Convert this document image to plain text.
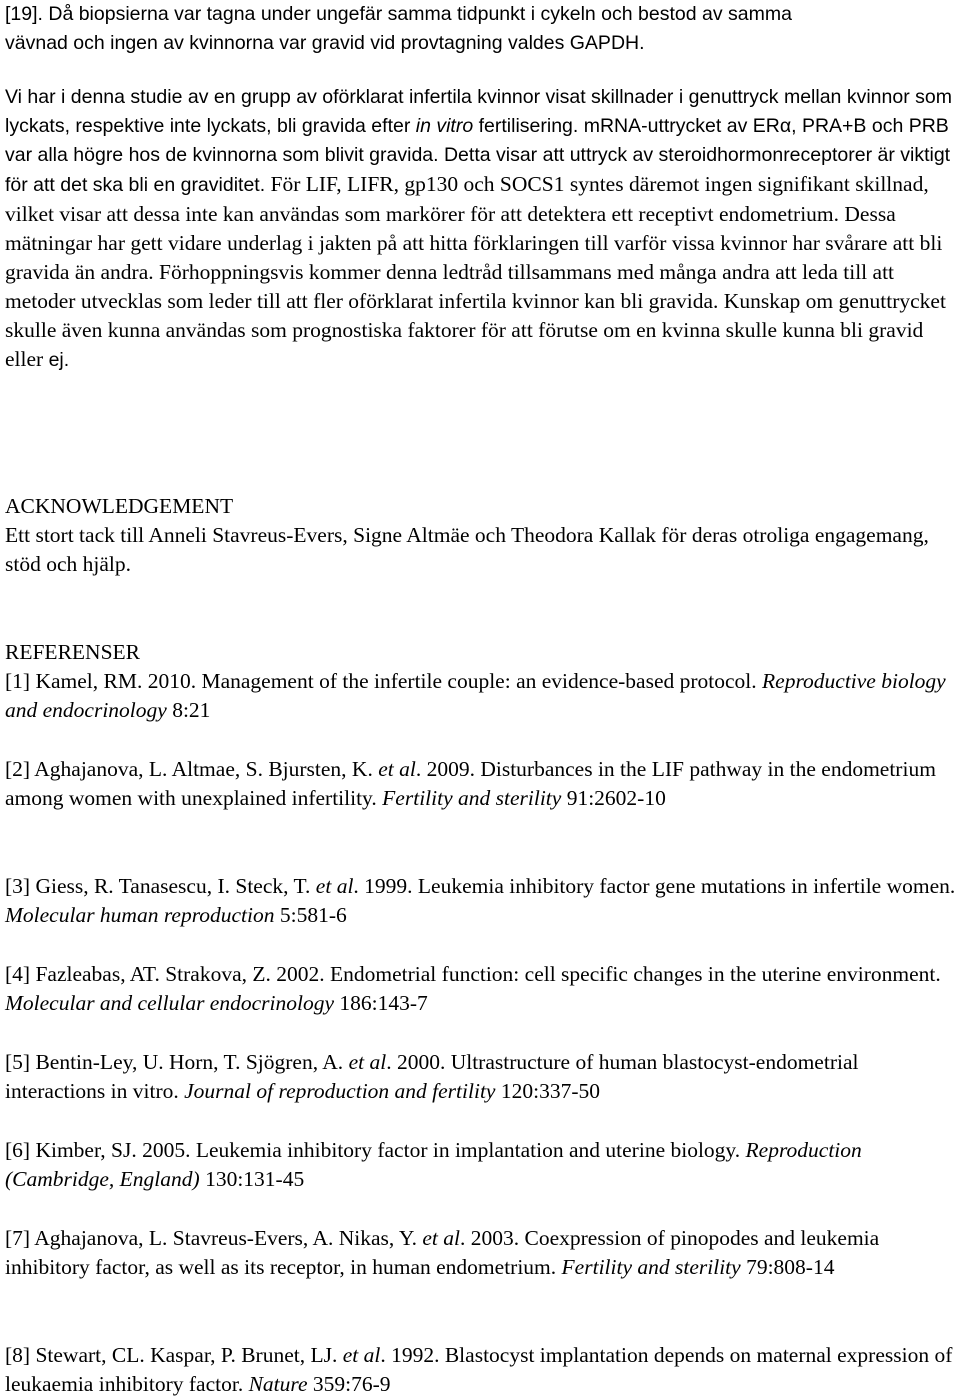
[19]. Då biopsierna var tagna under ungefär samma tidpunkt i cykeln och bestod av samma

vävnad och ingen av kvinnorna var gravid vid provtagning valdes GAPDH.

Vi har i denna studie av en grupp av oförklarat infertila kvinnor visat skillnader i genuttryck mellan kvinnor som lyckats, respektive inte lyckats, bli gravida efter in vitro fertilisering. mRNA-uttrycket av ERα, PRA+B och PRB var alla högre hos de kvinnorna som blivit gravida. Detta visar att uttryck av steroidhormonreceptorer är viktigt för att det ska bli en graviditet. För LIF, LIFR, gp130 och SOCS1 syntes däremot ingen signifikant skillnad, vilket visar att dessa inte kan användas som markörer för att detektera ett receptivt endometrium. Dessa mätningar har gett vidare underlag i jakten på att hitta förklaringen till varför vissa kvinnor har svårare att bli gravida än andra. Förhoppningsvis kommer denna ledtråd tillsammans med många andra att leda till att metoder utvecklas som leder till att fler oförklarat infertila kvinnor kan bli gravida. Kunskap om genuttrycket skulle även kunna användas som prognostiska faktorer för att förutse om en kvinna skulle kunna bli gravid eller ej.

ACKNOWLEDGEMENT

Ett stort tack till Anneli Stavreus-Evers, Signe Altmäe och Theodora Kallak för deras otroliga engagemang, stöd och hjälp.

REFERENSER

[1] Kamel, RM. 2010. Management of the infertile couple: an evidence-based protocol. Reproductive biology and endocrinology 8:21

[2] Aghajanova, L. Altmae, S. Bjursten, K. et al. 2009. Disturbances in the LIF pathway in the endometrium among women with unexplained infertility. Fertility and sterility 91:2602-10

[3] Giess, R. Tanasescu, I. Steck, T. et al. 1999. Leukemia inhibitory factor gene mutations in infertile women. Molecular human reproduction 5:581-6

[4] Fazleabas, AT. Strakova, Z. 2002. Endometrial function: cell specific changes in the uterine environment. Molecular and cellular endocrinology 186:143-7

[5] Bentin-Ley, U. Horn, T. Sjögren, A. et al. 2000. Ultrastructure of human blastocyst-endometrial interactions in vitro. Journal of reproduction and fertility 120:337-50

[6] Kimber, SJ. 2005. Leukemia inhibitory factor in implantation and uterine biology. Reproduction (Cambridge, England) 130:131-45

[7] Aghajanova, L. Stavreus-Evers, A. Nikas, Y. et al. 2003. Coexpression of pinopodes and leukemia inhibitory factor, as well as its receptor, in human endometrium. Fertility and sterility 79:808-14

[8] Stewart, CL. Kaspar, P. Brunet, LJ. et al. 1992. Blastocyst implantation depends on maternal expression of leukaemia inhibitory factor. Nature 359:76-9
